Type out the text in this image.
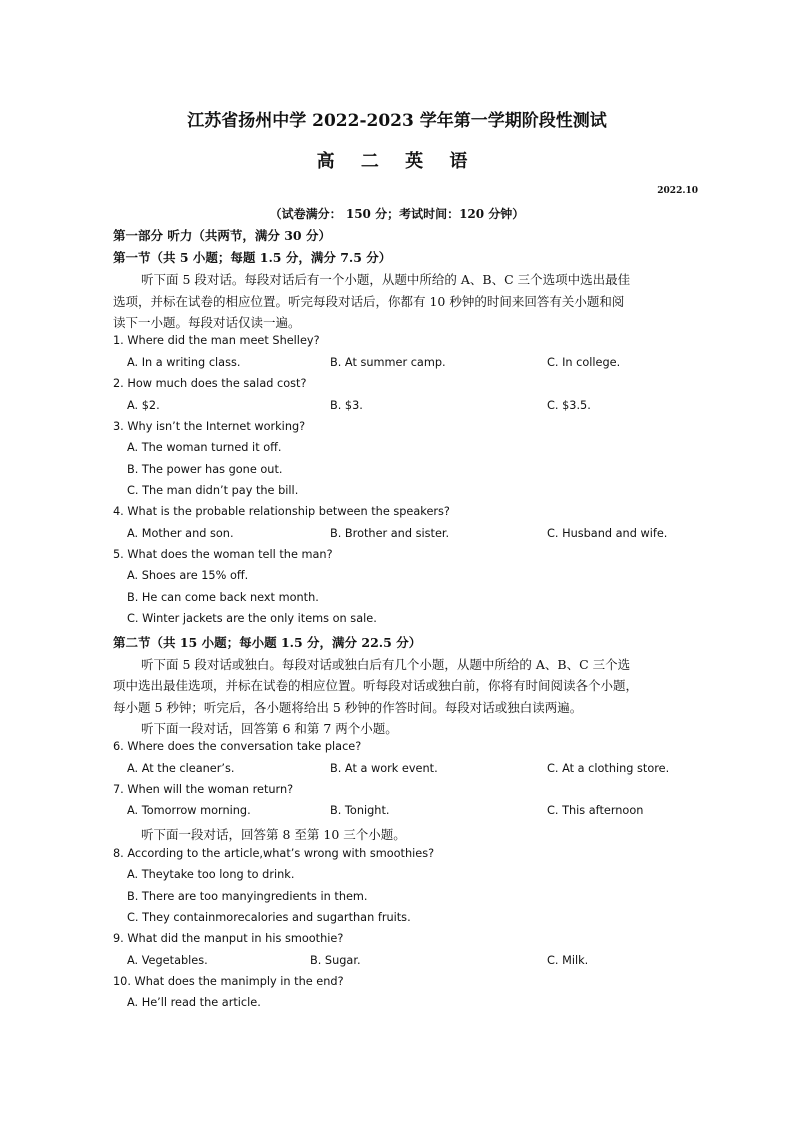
江苏省扬州中学 2022-2023 学年第一学期阶段性测试
高 二 英 语
2022.10
（试卷满分： 150 分；考试时间：120 分钟）
第一部分 听力（共两节，满分 30 分）
第一节（共 5 小题；每题 1.5 分，满分 7.5 分）
听下面 5 段对话。每段对话后有一个小题，从题中所给的 A、B、C 三个选项中选出最佳
选项，并标在试卷的相应位置。听完每段对话后，你都有 10 秒钟的时间来回答有关小题和阅
读下一小题。每段对话仅读一遍。
1. Where did the man meet Shelley?
A. In a writing class.	B. At summer camp.	C. In college.
2. How much does the salad cost?
A. $2.	B. $3.	C. $3.5.
3. Why isn’t the Internet working?
A. The woman turned it off.
B. The power has gone out.
C. The man didn’t pay the bill.
4. What is the probable relationship between the speakers?
A. Mother and son.	B. Brother and sister.	C. Husband and wife.
5. What does the woman tell the man?
A. Shoes are 15% off.
B. He can come back next month.
C. Winter jackets are the only items on sale.
第二节（共 15 小题；每小题 1.5 分，满分 22.5 分）
听下面 5 段对话或独白。每段对话或独白后有几个小题，从题中所给的 A、B、C 三个选
项中选出最佳选项，并标在试卷的相应位置。听每段对话或独白前，你将有时间阅读各个小题，
每小题 5 秒钟；听完后，各小题将给出 5 秒钟的作答时间。每段对话或独白读两遍。
听下面一段对话，回答第 6 和第 7 两个小题。
6. Where does the conversation take place?
A. At the cleaner’s.	B. At a work event.	C. At a clothing store.
7. When will the woman return?
A. Tomorrow morning.	B. Tonight.	C. This afternoon
听下面一段对话，回答第 8 至第 10 三个小题。
8. According to the article,what’s wrong with smoothies?
A. Theytake too long to drink.
B. There are too manyingredients in them.
C. They containmorecalories and sugarthan fruits.
9. What did the manput in his smoothie?
A. Vegetables.	B. Sugar.	C. Milk.
10. What does the manimply in the end?
A. He’ll read the article.
